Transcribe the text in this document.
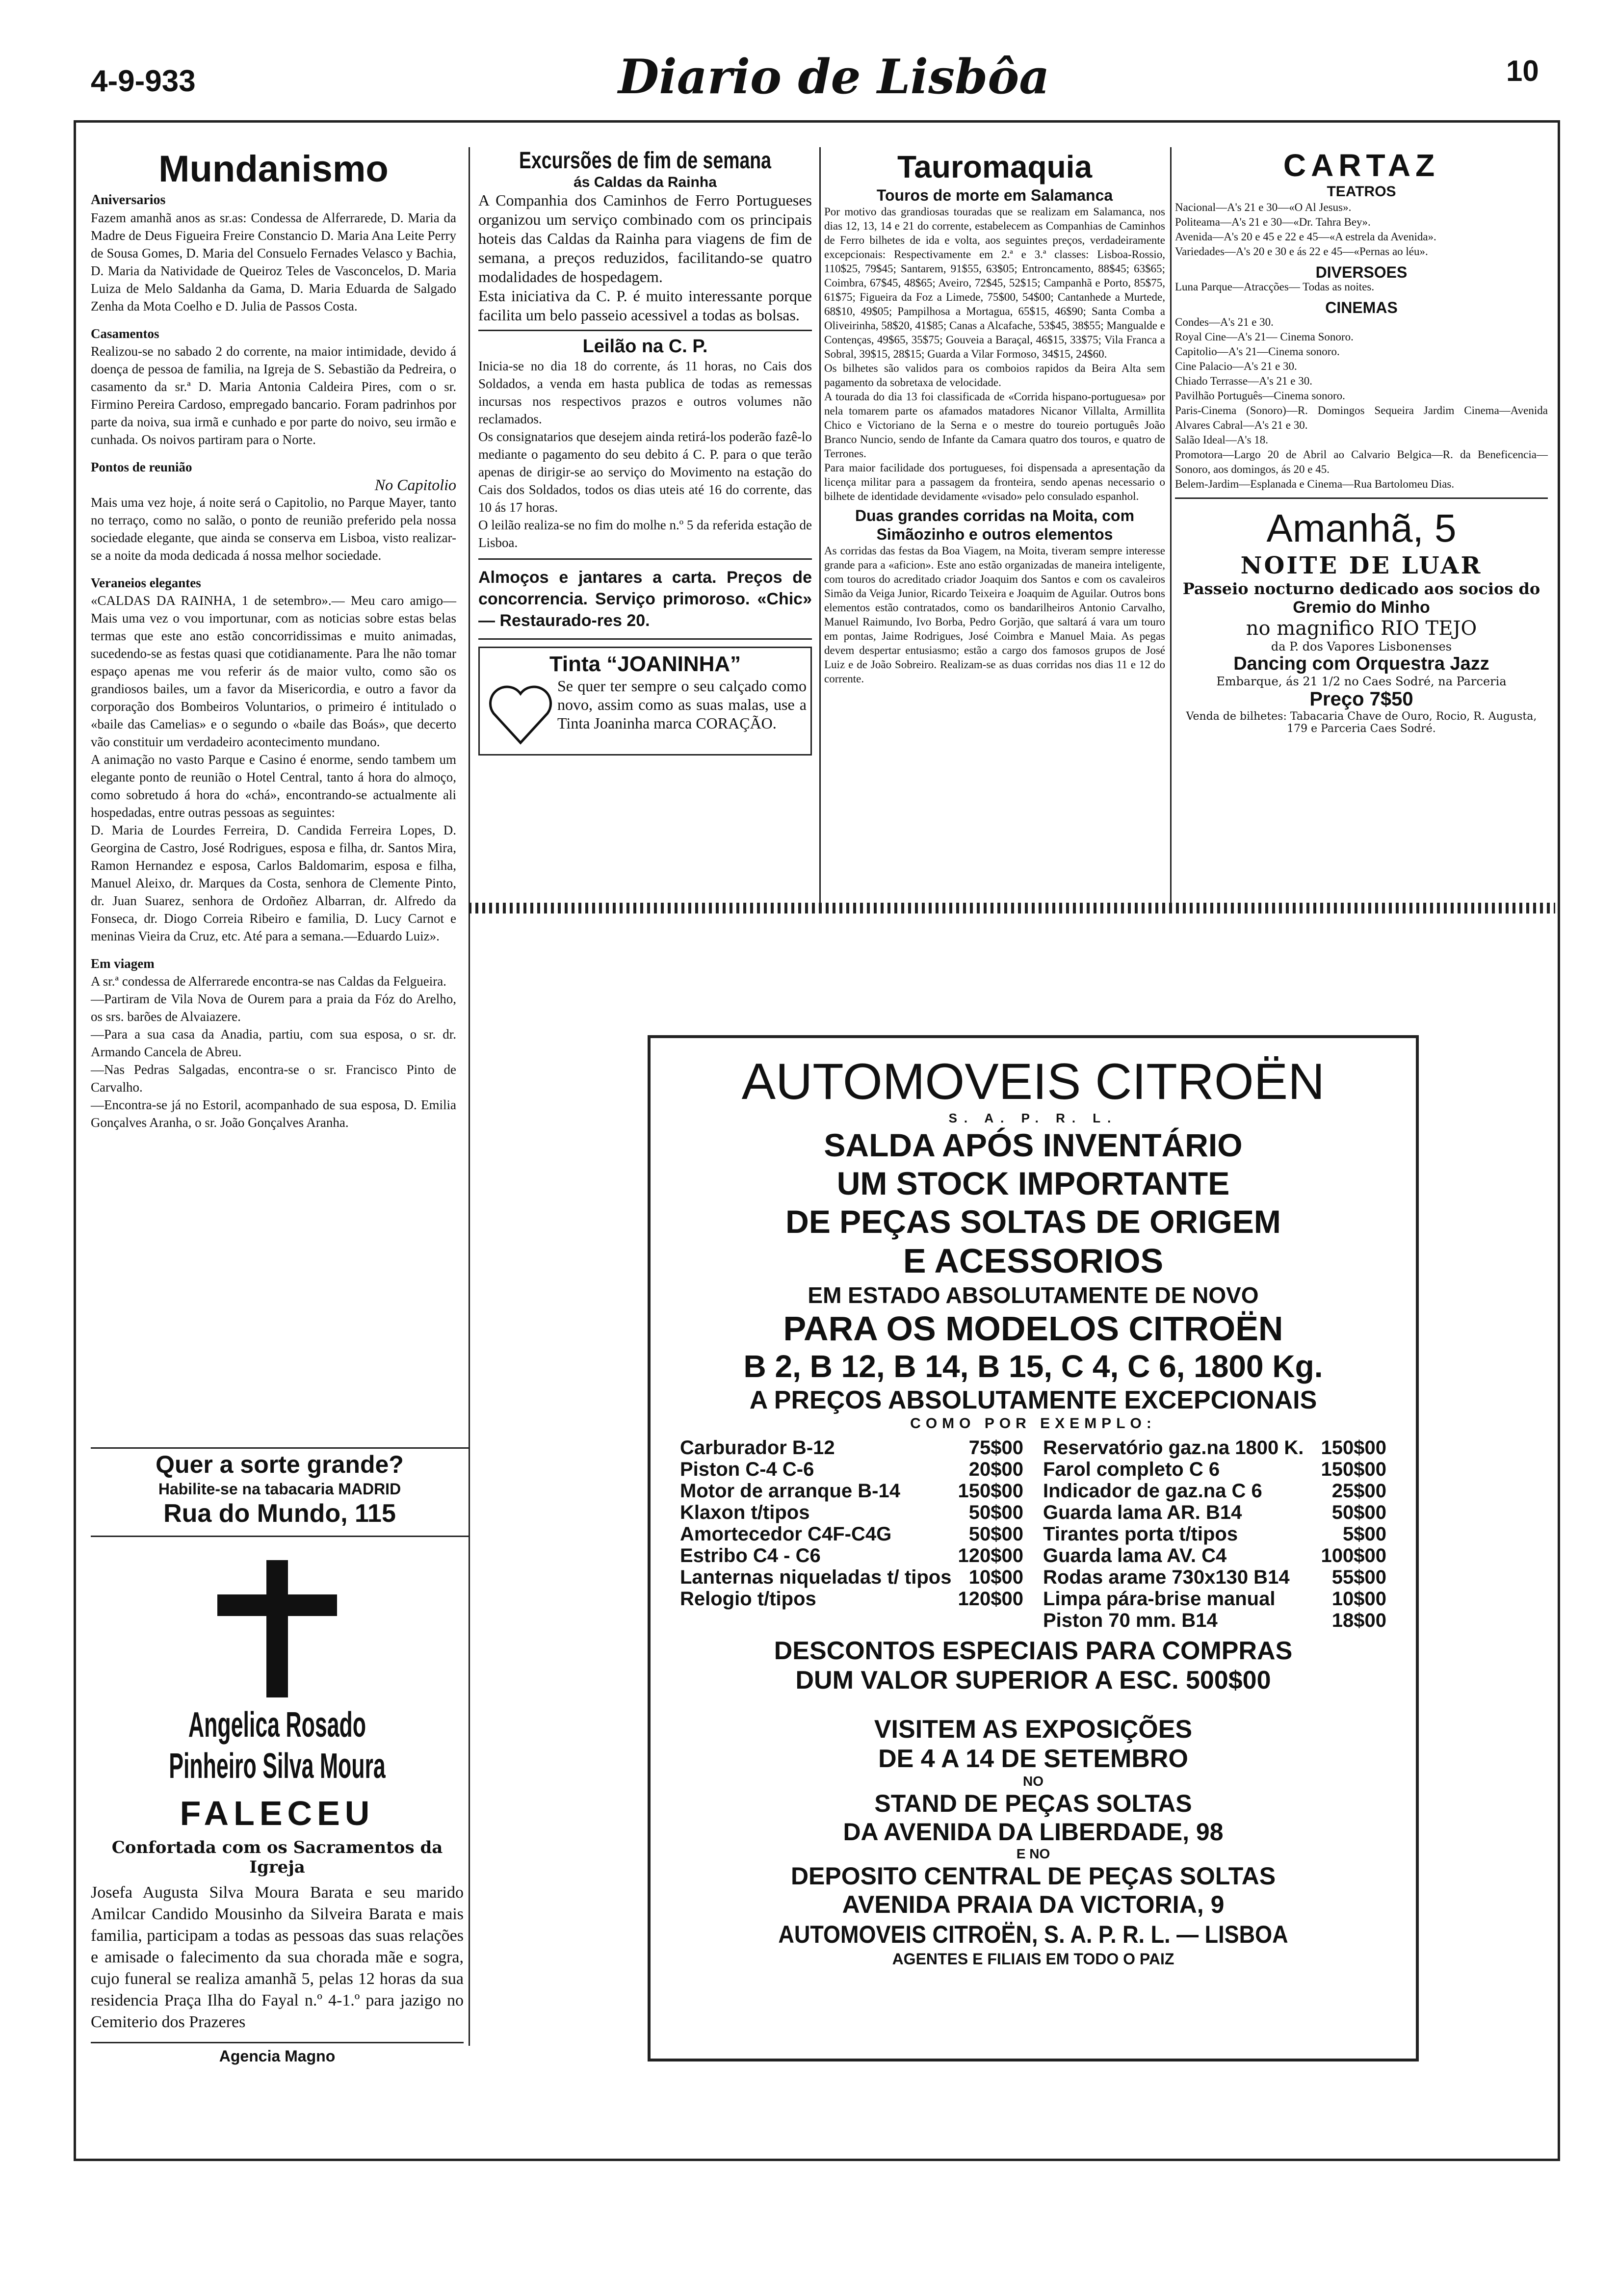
4-9-933	Diario de Lisbôa	10
Mundanismo
Aniversarios

Fazem amanhã anos as sr.as: Condessa de Alferrarede, D. Maria da Madre de Deus Figueira Freire Constancio D. Maria Ana Leite Perry de Sousa Gomes, D. Maria del Consuelo Fernades Velasco y Bachia, D. Maria da Natividade de Queiroz Teles de Vasconcelos, D. Maria Luiza de Melo Saldanha da Gama, D. Maria Eduarda de Salgado Zenha da Mota Coelho e D. Julia de Passos Costa.

Casamentos

Realizou-se no sabado 2 do corrente, na maior intimidade, devido á doença de pessoa de familia, na Igreja de S. Sebastião da Pedreira, o casamento da sr.ª D. Maria Antonia Caldeira Pires, com o sr. Firmino Pereira Cardoso, empregado bancario. Foram padrinhos por parte da noiva, sua irmã e cunhado e por parte do noivo, seu irmão e cunhada. Os noivos partiram para o Norte.

Pontos de reunião
No Capitolio

Mais uma vez hoje, á noite será o Capitolio, no Parque Mayer, tanto no terraço, como no salão, o ponto de reunião preferido pela nossa sociedade elegante, que ainda se conserva em Lisboa, visto realizar-se a noite da moda dedicada á nossa melhor sociedade.

Veraneios elegantes

«CALDAS DA RAINHA, 1 de setembro».— Meu caro amigo—Mais uma vez o vou importunar, com as noticias sobre estas belas termas que este ano estão concorridissimas e muito animadas, sucedendo-se as festas quasi que cotidianamente. Para lhe não tomar espaço apenas me vou referir ás de maior vulto, como são os grandiosos bailes, um a favor da Misericordia, e outro a favor da corporação dos Bombeiros Voluntarios, o primeiro é intitulado o «baile das Camelias» e o segundo o «baile das Boás», que decerto vão constituir um verdadeiro acontecimento mundano.

A animação no vasto Parque e Casino é enorme, sendo tambem um elegante ponto de reunião o Hotel Central, tanto á hora do almoço, como sobretudo á hora do «chá», encontrando-se actualmente ali hospedadas, entre outras pessoas as seguintes:

D. Maria de Lourdes Ferreira, D. Candida Ferreira Lopes, D. Georgina de Castro, José Rodrigues, esposa e filha, dr. Santos Mira, Ramon Hernandez e esposa, Carlos Baldomarim, esposa e filha, Manuel Aleixo, dr. Marques da Costa, senhora de Clemente Pinto, dr. Juan Suarez, senhora de Ordoñez Albarran, dr. Alfredo da Fonseca, dr. Diogo Correia Ribeiro e familia, D. Lucy Carnot e meninas Vieira da Cruz, etc. Até para a semana.—Eduardo Luiz».

Em viagem

A sr.ª condessa de Alferrarede encontra-se nas Caldas da Felgueira.

—Partiram de Vila Nova de Ourem para a praia da Fóz do Arelho, os srs. barões de Alvaiazere.

—Para a sua casa da Anadia, partiu, com sua esposa, o sr. dr. Armando Cancela de Abreu.

—Nas Pedras Salgadas, encontra-se o sr. Francisco Pinto de Carvalho.

—Encontra-se já no Estoril, acompanhado de sua esposa, D. Emilia Gonçalves Aranha, o sr. João Gonçalves Aranha.

Quer a sorte grande?
Habilite-se na tabacaria MADRID
Rua do Mundo, 115
Angelica Rosado Pinheiro Silva Moura
FALECEU
Confortada com os Sacramentos da Igreja

Josefa Augusta Silva Moura Barata e seu marido Amilcar Candido Mousinho da Silveira Barata e mais familia, participam a todas as pessoas das suas relações e amisade o falecimento da sua chorada mãe e sogra, cujo funeral se realiza amanhã 5, pelas 12 horas da sua residencia Praça Ilha do Fayal n.º 4-1.º para jazigo no Cemiterio dos Prazeres

Agencia Magno
Excursões de fim de semana
ás Caldas da Rainha

A Companhia dos Caminhos de Ferro Portugueses organizou um serviço combinado com os principais hoteis das Caldas da Rainha para viagens de fim de semana, a preços reduzidos, facilitando-se quatro modalidades de hospedagem.

Esta iniciativa da C. P. é muito interessante porque facilita um belo passeio acessivel a todas as bolsas.

Leilão na C. P.

Inicia-se no dia 18 do corrente, ás 11 horas, no Cais dos Soldados, a venda em hasta publica de todas as remessas incursas nos respectivos prazos e outros volumes não reclamados.

Os consignatarios que desejem ainda retirá-los poderão fazê-lo mediante o pagamento do seu debito á C. P. para o que terão apenas de dirigir-se ao serviço do Movimento na estação do Cais dos Soldados, todos os dias uteis até 16 do corrente, das 10 ás 17 horas.

O leilão realiza-se no fim do molhe n.º 5 da referida estação de Lisboa.

Almoços e jantares a carta. Preços de concorrencia. Serviço primoroso. «Chic» — Restaurado-res 20.

Tinta “JOANINHA”

Se quer ter sempre o seu calçado como novo, assim como as suas malas, use a Tinta Joaninha marca CORAÇÃO.

Tauromaquia
Touros de morte em Salamanca

Por motivo das grandiosas touradas que se realizam em Salamanca, nos dias 12, 13, 14 e 21 do corrente, estabelecem as Companhias de Caminhos de Ferro bilhetes de ida e volta, aos seguintes preços, verdadeiramente excepcionais: Respectivamente em 2.ª e 3.ª classes: Lisboa-Rossio, 110$25, 79$45; Santarem, 91$55, 63$05; Entroncamento, 88$45; 63$65; Coimbra, 67$45, 48$65; Aveiro, 72$45, 52$15; Campanhã e Porto, 85$75, 61$75; Figueira da Foz a Limede, 75$00, 54$00; Cantanhede a Murtede, 68$10, 49$05; Pampilhosa a Mortagua, 65$15, 46$90; Santa Comba a Oliveirinha, 58$20, 41$85; Canas a Alcafache, 53$45, 38$55; Mangualde e Contenças, 49$65, 35$75; Gouveia a Baraçal, 46$15, 33$75; Vila Franca a Sobral, 39$15, 28$15; Guarda a Vilar Formoso, 34$15, 24$60.

Os bilhetes são validos para os comboios rapidos da Beira Alta sem pagamento da sobretaxa de velocidade.

A tourada do dia 13 foi classificada de «Corrida hispano-portuguesa» por nela tomarem parte os afamados matadores Nicanor Villalta, Armillita Chico e Victoriano de la Serna e o mestre do toureio português João Branco Nuncio, sendo de Infante da Camara quatro dos touros, e quatro de Terrones.

Para maior facilidade dos portugueses, foi dispensada a apresentação da licença militar para a passagem da fronteira, sendo apenas necessario o bilhete de identidade devidamente «visado» pelo consulado espanhol.

Duas grandes corridas na Moita, com Simãozinho e outros elementos

As corridas das festas da Boa Viagem, na Moita, tiveram sempre interesse grande para a «aficion». Este ano estão organizadas de maneira inteligente, com touros do acreditado criador Joaquim dos Santos e com os cavaleiros Simão da Veiga Junior, Ricardo Teixeira e Joaquim de Aguilar. Outros bons elementos estão contratados, como os bandarilheiros Antonio Carvalho, Manuel Raimundo, Ivo Borba, Pedro Gorjão, que saltará á vara um touro em pontas, Jaime Rodrigues, José Coimbra e Manuel Maia. As pegas devem despertar entusiasmo; estão a cargo dos famosos grupos de José Luiz e de João Sobreiro. Realizam-se as duas corridas nos dias 11 e 12 do corrente.

CARTAZ
TEATROS

Nacional—A's 21 e 30—«O Al Jesus».

Politeama—A's 21 e 30—«Dr. Tahra Bey».

Avenida—A's 20 e 45 e 22 e 45—«A estrela da Avenida».

Variedades—A's 20 e 30 e ás 22 e 45—«Pernas ao léu».

DIVERSOES

Luna Parque—Atracções— Todas as noites.

CINEMAS

Condes—A's 21 e 30.

Royal Cine—A's 21— Cinema Sonoro.

Capitolio—A's 21—Cinema sonoro.

Cine Palacio—A's 21 e 30.

Chiado Terrasse—A's 21 e 30.

Pavilhão Português—Cinema sonoro.

Paris-Cinema (Sonoro)—R. Domingos Sequeira Jardim Cinema—Avenida Alvares Cabral—A's 21 e 30.

Salão Ideal—A's 18.

Promotora—Largo 20 de Abril ao Calvario Belgica—R. da Beneficencia—Sonoro, aos domingos, ás 20 e 45.

Belem-Jardim—Esplanada e Cinema—Rua Bartolomeu Dias.

Amanhã, 5
NOITE DE LUAR
Passeio nocturno dedicado aos socios do
Gremio do Minho
no magnifico RIO TEJO
da P. dos Vapores Lisbonenses
Dancing com Orquestra Jazz
Embarque, ás 21 1/2 no Caes Sodré, na Parceria
Preço 7$50
Venda de bilhetes: Tabacaria Chave de Ouro, Rocio, R. Augusta, 179 e Parceria Caes Sodré.
AUTOMOVEIS CITROËN
S. A. P. R. L.
SALDA APÓS INVENTÁRIO
UM STOCK IMPORTANTE
DE PEÇAS SOLTAS DE ORIGEM
E ACESSORIOS
EM ESTADO ABSOLUTAMENTE DE NOVO
PARA OS MODELOS CITROËN
B 2, B 12, B 14, B 15, C 4, C 6, 1800 Kg.
A PREÇOS ABSOLUTAMENTE EXCEPCIONAIS
COMO POR EXEMPLO:
Carburador B-12	75$00
Piston C-4 C-6	20$00
Motor de arranque B-14	150$00
Klaxon t/tipos	50$00
Amortecedor C4F-C4G	50$00
Estribo C4 - C6	120$00
Lanternas niqueladas t/ tipos 10$00
Relogio t/tipos	120$00
Reservatório gaz.na 1800 K. 150$00
Farol completo C 6	150$00
Indicador de gaz.na C 6	25$00
Guarda lama AR. B14	50$00
Tirantes porta t/tipos	5$00
Guarda lama AV. C4	100$00
Rodas arame 730x130 B14 55$00
Limpa pára-brise manual	10$00
Piston 70 mm. B14	18$00
DESCONTOS ESPECIAIS PARA COMPRAS
DUM VALOR SUPERIOR A ESC. 500$00
VISITEM AS EXPOSIÇÕES
DE 4 A 14 DE SETEMBRO
NO
STAND DE PEÇAS SOLTAS
DA AVENIDA DA LIBERDADE, 98
E NO
DEPOSITO CENTRAL DE PEÇAS SOLTAS
AVENIDA PRAIA DA VICTORIA, 9
AUTOMOVEIS CITROËN, S. A. P. R. L. — LISBOA
AGENTES E FILIAIS EM TODO O PAIZ
